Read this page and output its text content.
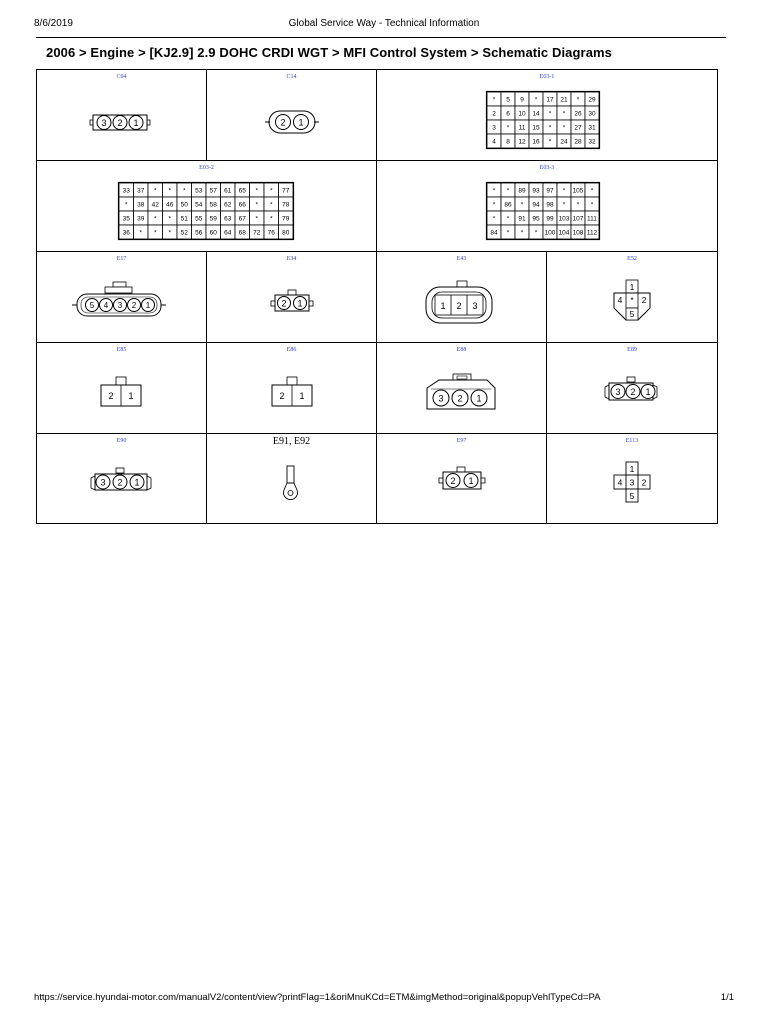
8/6/2019	Global Service Way - Technical Information
2006 > Engine > [KJ2.9] 2.9 DOHC CRDI WGT > MFI Control System > Schematic Diagrams
C04
3 2 1
C14
2 1
E03-1
* 5 9 * 17 21 * 29
2 6 10 14 * * 26 30
3 * 11 15 * * 27 31
4 8 12 16 * 24 28 32
E03-2
33 37 * * * 53 57 61 65 * * 77
* 38 42 46 50 54 58 62 66 * * 78
35 39 * * 51 55 59 63 67 * * 79
36 * * * 52 56 60 64 68 72 76 80
E03-3
* * 89 93 97 * 105 *
* 86 * 94 98 * * *
* * 91 95 99 103 107 111
84 * * * 100 104 108 112
E17
5 4 3 2 1
E34
2 1
E43
1 2 3
E52
1
4 * 2
5
E85
2 1
E86
2 1
E88
3 2 1
E89
3 2 1
E90
3 2 1
E91, E92	E97
2 1
E113
1
4 3 2
5
https://service.hyundai-motor.com/manualV2/content/view?printFlag=1&oriMnuKCd=ETM&imgMethod=original&popupVehlTypeCd=PA	1/1
